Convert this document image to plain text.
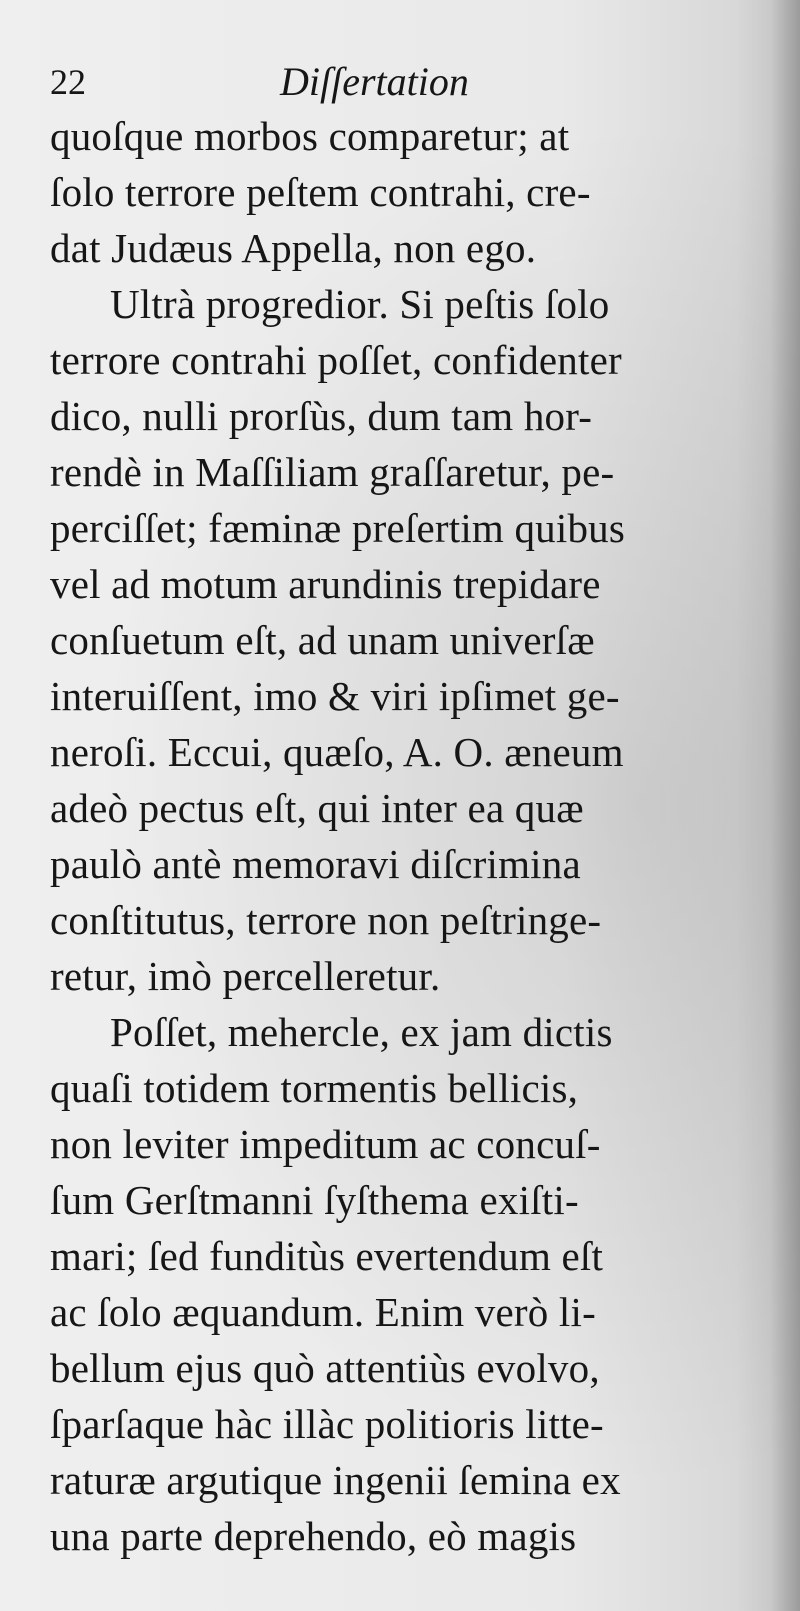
22	Diſſertation
quoſque morbos comparetur; at
ſolo terrore peſtem contrahi, cre-
dat Judæus Appella, non ego.
Ultrà progredior. Si peſtis ſolo
terrore contrahi poſſet, confidenter
dico, nulli prorſùs, dum tam hor-
rendè in Maſſiliam graſſaretur, pe-
perciſſet; fæminæ preſertim quibus
vel ad motum arundinis trepidare
conſuetum eſt, ad unam univerſæ
interuiſſent, imo & viri ipſimet ge-
neroſi. Eccui, quæſo, A. O. æneum
adeò pectus eſt, qui inter ea quæ
paulò antè memoravi diſcrimina
conſtitutus, terrore non peſtringe-
retur, imò percelleretur.
Poſſet, mehercle, ex jam dictis
quaſi totidem tormentis bellicis,
non leviter impeditum ac concuſ-
ſum Gerſtmanni ſyſthema exiſti-
mari; ſed funditùs evertendum eſt
ac ſolo æquandum. Enim verò li-
bellum ejus quò attentiùs evolvo,
ſparſaque hàc illàc politioris litte-
raturæ argutique ingenii ſemina ex
una parte deprehendo, eò magis
